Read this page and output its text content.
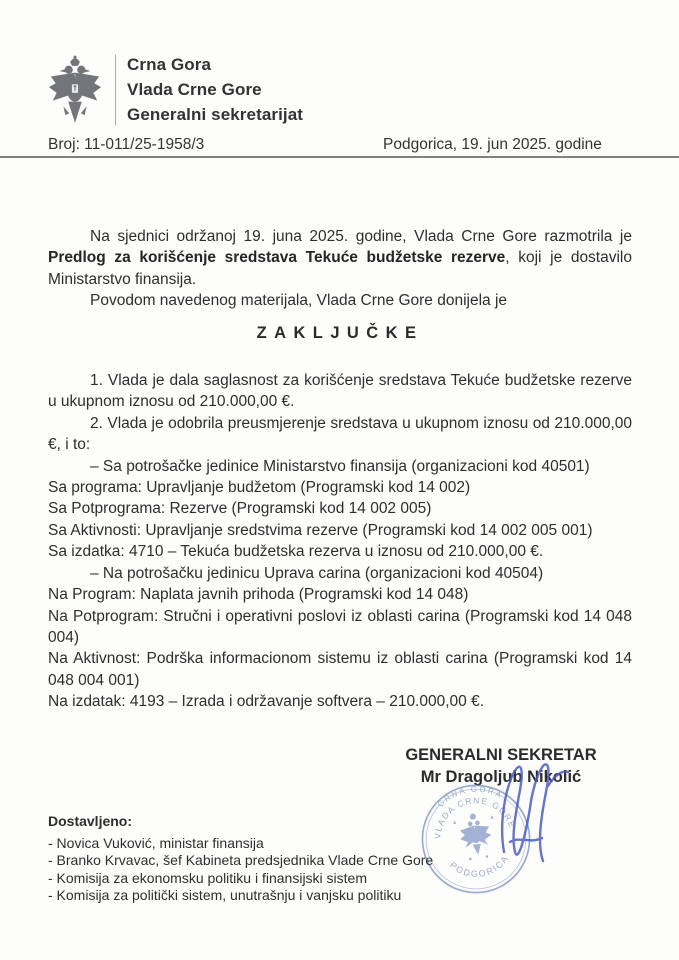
Crna Gora
Vlada Crne Gore
Generalni sekretarijat
Broj: 11-011/25-1958/3	Podgorica, 19. jun 2025. godine

Na sjednici održanoj 19. juna 2025. godine, Vlada Crne Gore razmotrila je Predlog za korišćenje sredstava Tekuće budžetske rezerve, koji je dostavilo Ministarstvo finansija.

Povodom navedenog materijala, Vlada Crne Gore donijela je

ZAKLJUČKE

1. Vlada je dala saglasnost za korišćenje sredstava Tekuće budžetske rezerve u ukupnom iznosu od 210.000,00 €.

2. Vlada je odobrila preusmjerenje sredstava u ukupnom iznosu od 210.000,00 €, i to:

– Sa potrošačke jedinice Ministarstvo finansija (organizacioni kod 40501)

Sa programa: Upravljanje budžetom (Programski kod 14 002)

Sa Potprograma: Rezerve (Programski kod 14 002 005)

Sa Aktivnosti: Upravljanje sredstvima rezerve (Programski kod 14 002 005 001)

Sa izdatka: 4710 – Tekuća budžetska rezerva u iznosu od 210.000,00 €.

– Na potrošačku jedinicu Uprava carina (organizacioni kod 40504)

Na Program: Naplata javnih prihoda (Programski kod 14 048)

Na Potprogram: Stručni i operativni poslovi iz oblasti carina (Programski kod 14 048 004)

Na Aktivnost: Podrška informacionom sistemu iz oblasti carina (Programski kod 14 048 004 001)

Na izdatak: 4193 – Izrada i održavanje softvera – 210.000,00 €.

GENERALNI SEKRETAR
Mr Dragoljub Nikolić
CRNA GORA
VLADA CRNE GORE
PODGORICA
Dostavljeno:
- Novica Vuković, ministar finansija
- Branko Krvavac, šef Kabineta predsjednika Vlade Crne Gore
- Komisija za ekonomsku politiku i finansijski sistem
- Komisija za politički sistem, unutrašnju i vanjsku politiku
